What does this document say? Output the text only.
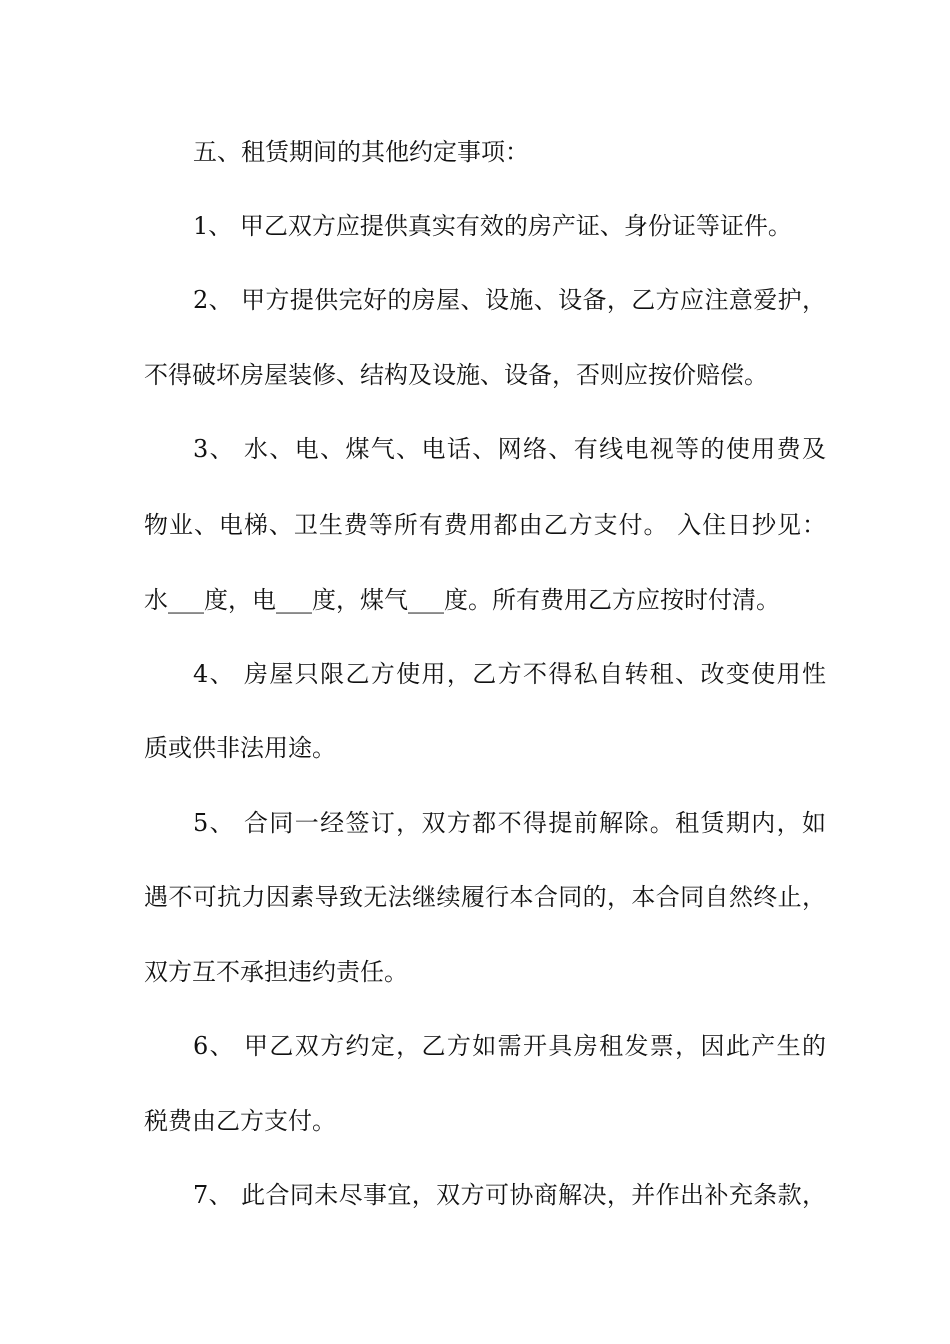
五、租赁期间的其他约定事项：
1、 甲乙双方应提供真实有效的房产证、身份证等证件。
2、 甲方提供完好的房屋、设施、设备，乙方应注意爱护，
不得破坏房屋装修、结构及设施、设备，否则应按价赔偿。
3、 水、电、煤气、电话、网络、有线电视等的使用费及
物业、电梯、卫生费等所有费用都由乙方支付。 入住日抄见：
水___度，电___度，煤气___度。所有费用乙方应按时付清。
4、 房屋只限乙方使用，乙方不得私自转租、改变使用性
质或供非法用途。
5、 合同一经签订，双方都不得提前解除。租赁期内，如
遇不可抗力因素导致无法继续履行本合同的，本合同自然终止，
双方互不承担违约责任。
6、 甲乙双方约定，乙方如需开具房租发票，因此产生的
税费由乙方支付。
7、 此合同未尽事宜，双方可协商解决，并作出补充条款，
